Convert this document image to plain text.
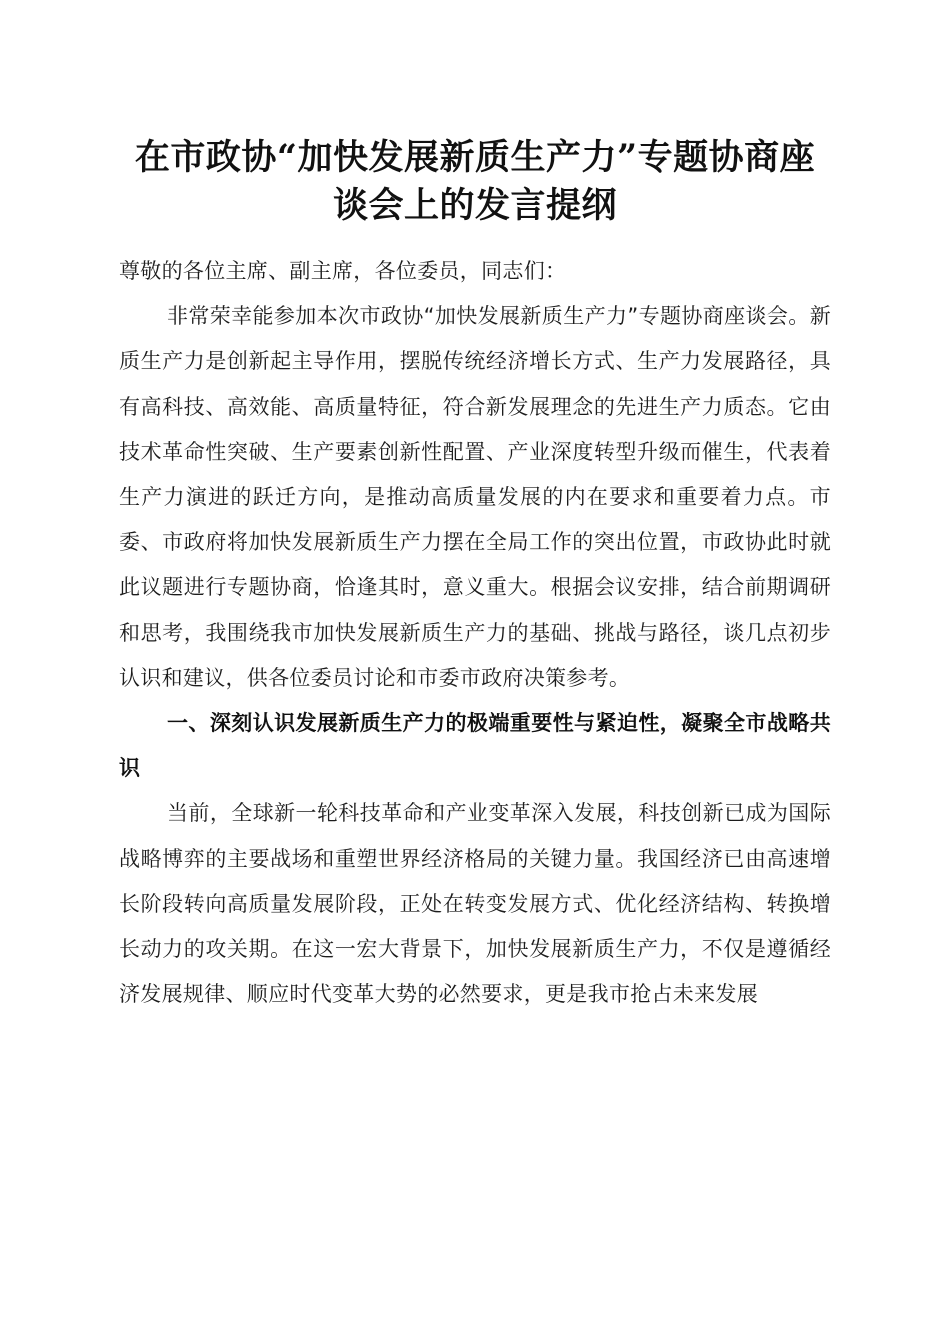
在市政协“加快发展新质生产力”专题协商座
谈会上的发言提纲

尊敬的各位主席、副主席，各位委员，同志们：

非常荣幸能参加本次市政协“加快发展新质生产力”专题协商座谈会。新质生产力是创新起主导作用，摆脱传统经济增长方式、生产力发展路径，具有高科技、高效能、高质量特征，符合新发展理念的先进生产力质态。它由技术革命性突破、生产要素创新性配置、产业深度转型升级而催生，代表着生产力演进的跃迁方向，是推动高质量发展的内在要求和重要着力点。市委、市政府将加快发展新质生产力摆在全局工作的突出位置，市政协此时就此议题进行专题协商，恰逢其时，意义重大。根据会议安排，结合前期调研和思考，我围绕我市加快发展新质生产力的基础、挑战与路径，谈几点初步认识和建议，供各位委员讨论和市委市政府决策参考。

一、深刻认识发展新质生产力的极端重要性与紧迫性，凝聚全市战略共识

当前，全球新一轮科技革命和产业变革深入发展，科技创新已成为国际战略博弈的主要战场和重塑世界经济格局的关键力量。我国经济已由高速增长阶段转向高质量发展阶段，正处在转变发展方式、优化经济结构、转换增长动力的攻关期。在这一宏大背景下，加快发展新质生产力，不仅是遵循经济发展规律、顺应时代变革大势的必然要求，更是我市抢占未来发展
